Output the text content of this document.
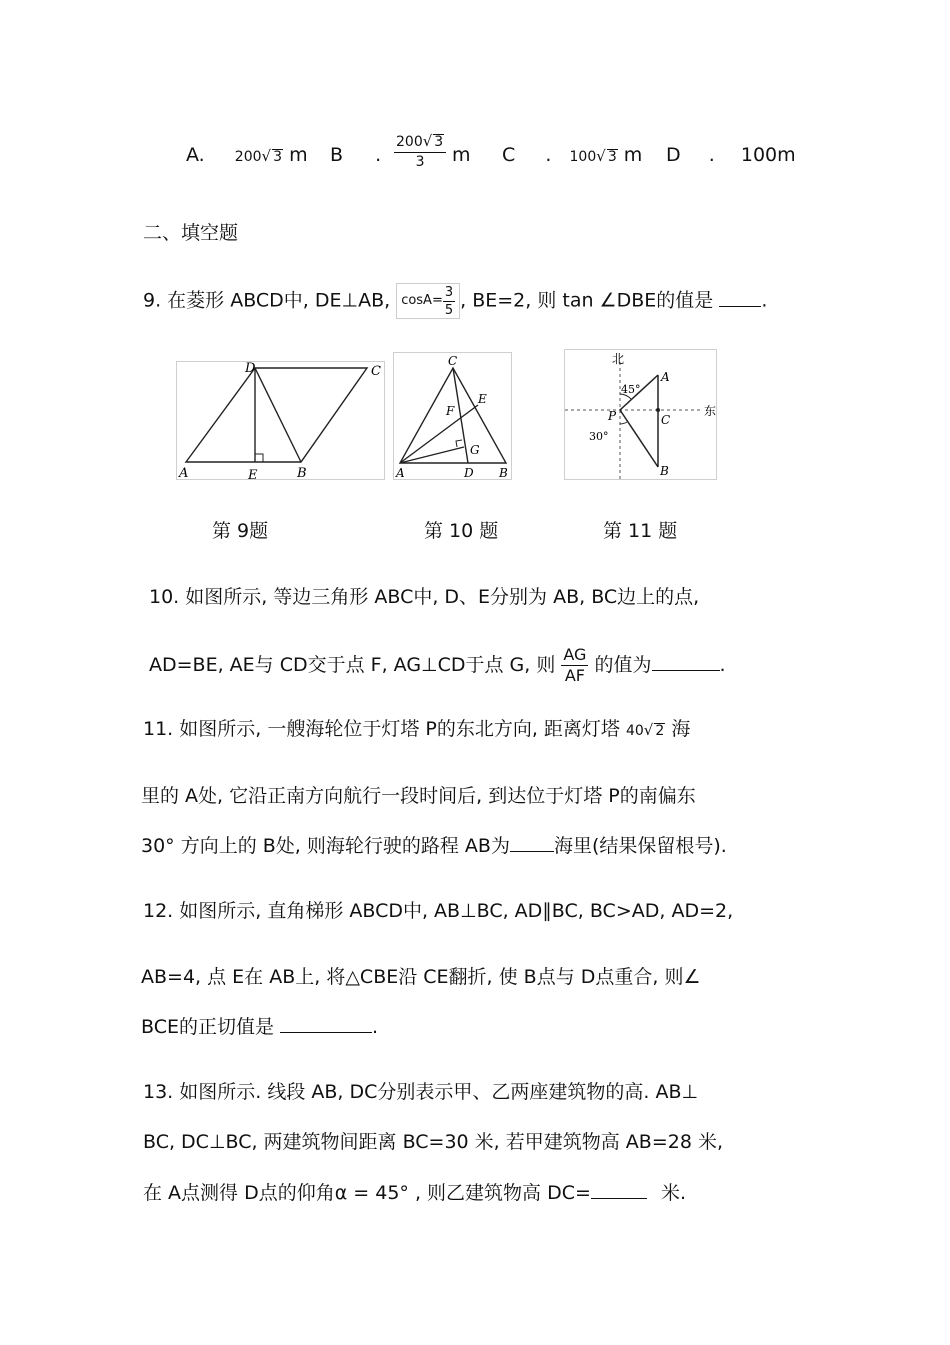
A. 200√ 3 m B . $\frac{200√ 3}{3}$ m C . 100√ 3 m D . 100m
二、填空题
9. 在菱形 ABCD中, DE⊥AB, $\cos A= \frac{3}{5}$ , BE=2, 则 tan ∠DBE的值是	.
D	C
A	E	B
C
E
F
G
A	D B
北
东
A
C
B
P
45°
30°
第 9题	第 10 题	第 11 题
10. 如图所示, 等边三角形 ABC中, D、E分别为 AB, BC边上的点,
AD=BE, AE与 CD交于点 F, AG⊥CD于点 G, 则 $\frac{AG}{AF}$ 的值为	.
11. 如图所示, 一艘海轮位于灯塔 P的东北方向, 距离灯塔 40√ 2 海
里的 A处, 它沿正南方向航行一段时间后, 到达位于灯塔 P的南偏东
30° 方向上的 B处, 则海轮行驶的路程 AB为 海里(结果保留根号).
12. 如图所示, 直角梯形 ABCD中, AB⊥BC, AD∥BC, BC>AD, AD=2,
AB=4, 点 E在 AB上, 将△CBE沿 CE翻折, 使 B点与 D点重合, 则∠
BCE的正切值是	.
13. 如图所示. 线段 AB, DC分别表示甲、乙两座建筑物的高. AB⊥
BC, DC⊥BC, 两建筑物间距离 BC=30 米, 若甲建筑物高 AB=28 米,
在 A点测得 D点的仰角α = 45° , 则乙建筑物高 DC=	米.
